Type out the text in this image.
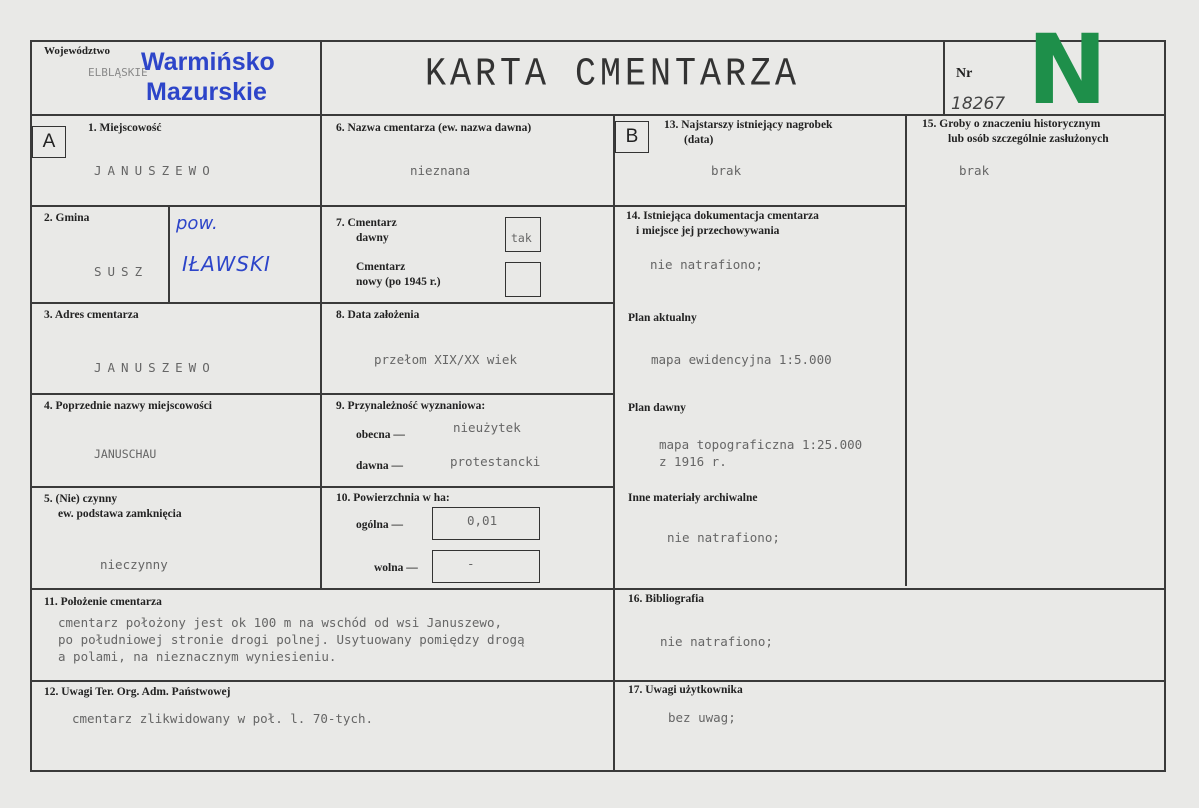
Województwo
ELBLĄSKIE
Warmińsko
Mazurskie	KARTA CMENTARZA	Nr
18267 N
A	B
1. Miejscowość
JANUSZEWO
2. Gmina
SUSZ
pow.
IŁAWSKI
3. Adres cmentarza
JANUSZEWO
4. Poprzednie nazwy miejscowości
JANUSCHAU
5. (Nie) czynny
ew. podstawa zamknięcia
nieczynny
6. Nazwa cmentarza (ew. nazwa dawna)
nieznana
7. Cmentarz
dawny	tak
Cmentarz
nowy (po 1945 r.)
8. Data założenia
przełom XIX/XX wiek
9. Przynależność wyznaniowa:
obecna —	nieużytek
dawna —	protestancki
10. Powierzchnia w ha:
ogólna —	0,01
wolna —	-
11. Położenie cmentarza
cmentarz położony jest ok 100 m na wschód od wsi Januszewo,
po południowej stronie drogi polnej. Usytuowany pomiędzy drogą
a polami, na nieznacznym wyniesieniu.
12. Uwagi Ter. Org. Adm. Państwowej
cmentarz zlikwidowany w poł. l. 70-tych.
13. Najstarszy istniejący nagrobek
(data)
brak
14. Istniejąca dokumentacja cmentarza
i miejsce jej przechowywania
nie natrafiono;
Plan aktualny
mapa ewidencyjna 1:5.000
Plan dawny
mapa topograficzna 1:25.000
z 1916 r.
Inne materiały archiwalne
nie natrafiono;
15. Groby o znaczeniu historycznym
lub osób szczególnie zasłużonych
brak
16. Bibliografia
nie natrafiono;
17. Uwagi użytkownika
bez uwag;
